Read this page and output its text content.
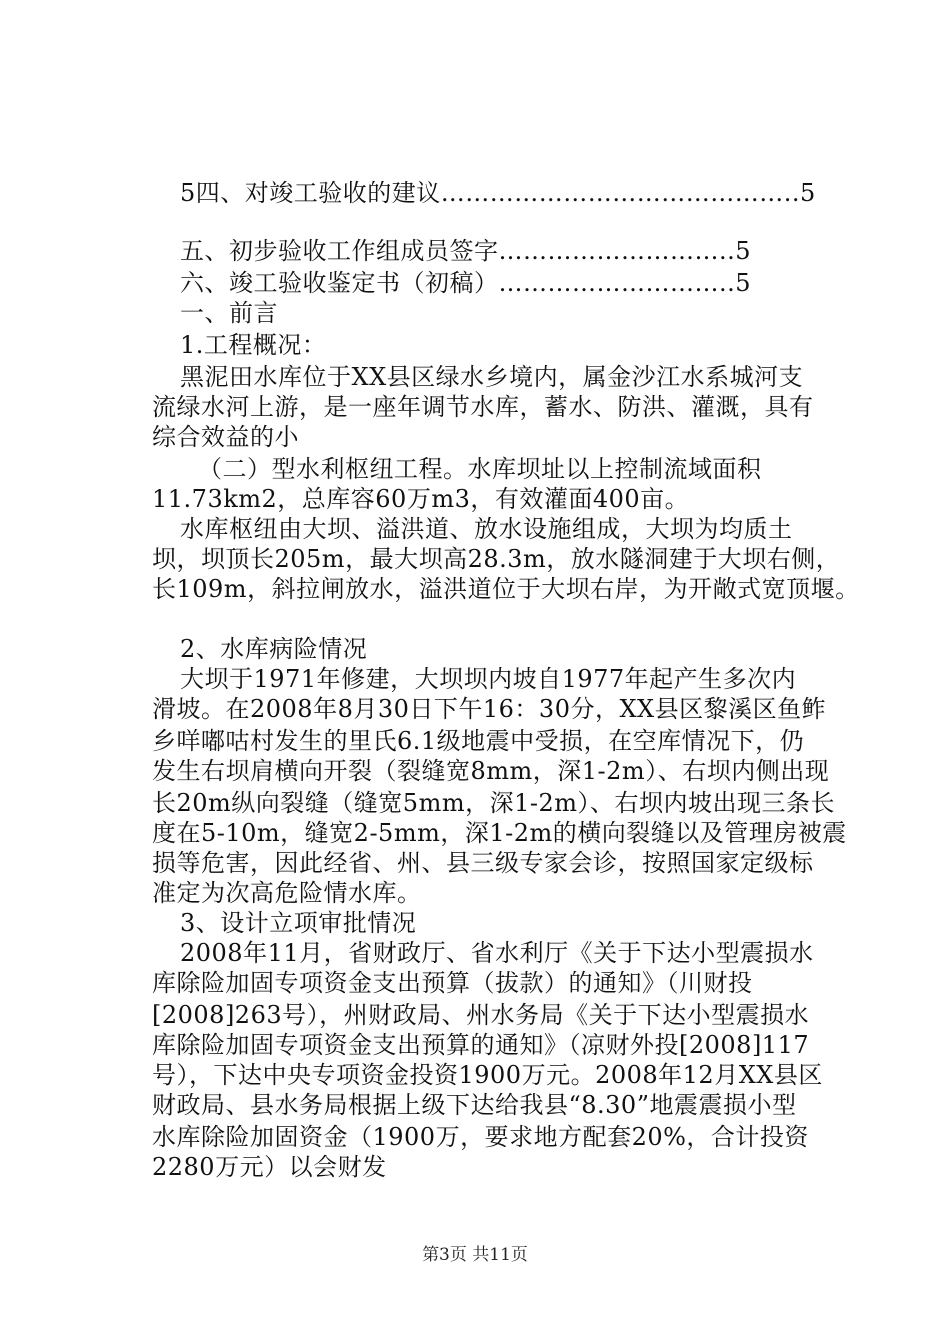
5四、对竣工验收的建议……………………………………..5
五、初步验收工作组成员签字………………………..5
六、竣工验收鉴定书（初稿）………………………..5
一、前言
1.工程概况：
黑泥田水库位于XX县区绿水乡境内，属金沙江水系城河支
流绿水河上游，是一座年调节水库，蓄水、防洪、灌溉，具有
综合效益的小
（二）型水利枢纽工程。水库坝址以上控制流域面积
11.73km2，总库容60万m3，有效灌面400亩。
水库枢纽由大坝、溢洪道、放水设施组成，大坝为均质土
坝，坝顶长205m，最大坝高28.3m，放水隧洞建于大坝右侧，
长109m，斜拉闸放水，溢洪道位于大坝右岸，为开敞式宽顶堰。
2、水库病险情况
大坝于1971年修建，大坝坝内坡自1977年起产生多次内
滑坡。在2008年8月30日下午16：30分，XX县区黎溪区鱼鲊
乡咩嘟咕村发生的里氏6.1级地震中受损，在空库情况下，仍
发生右坝肩横向开裂（裂缝宽8mm，深1-2m）、右坝内侧出现
长20m纵向裂缝（缝宽5mm，深1-2m）、右坝内坡出现三条长
度在5-10m，缝宽2-5mm，深1-2m的横向裂缝以及管理房被震
损等危害，因此经省、州、县三级专家会诊，按照国家定级标
准定为次高危险情水库。
3、设计立项审批情况
2008年11月，省财政厅、省水利厅《关于下达小型震损水
库除险加固专项资金支出预算（拔款）的通知》（川财投
[2008]263号），州财政局、州水务局《关于下达小型震损水
库除险加固专项资金支出预算的通知》（凉财外投[2008]117
号），下达中央专项资金投资1900万元。2008年12月XX县区
财政局、县水务局根据上级下达给我县“8.30”地震震损小型
水库除险加固资金（1900万，要求地方配套20%，合计投资
2280万元）以会财发
第3页 共11页
